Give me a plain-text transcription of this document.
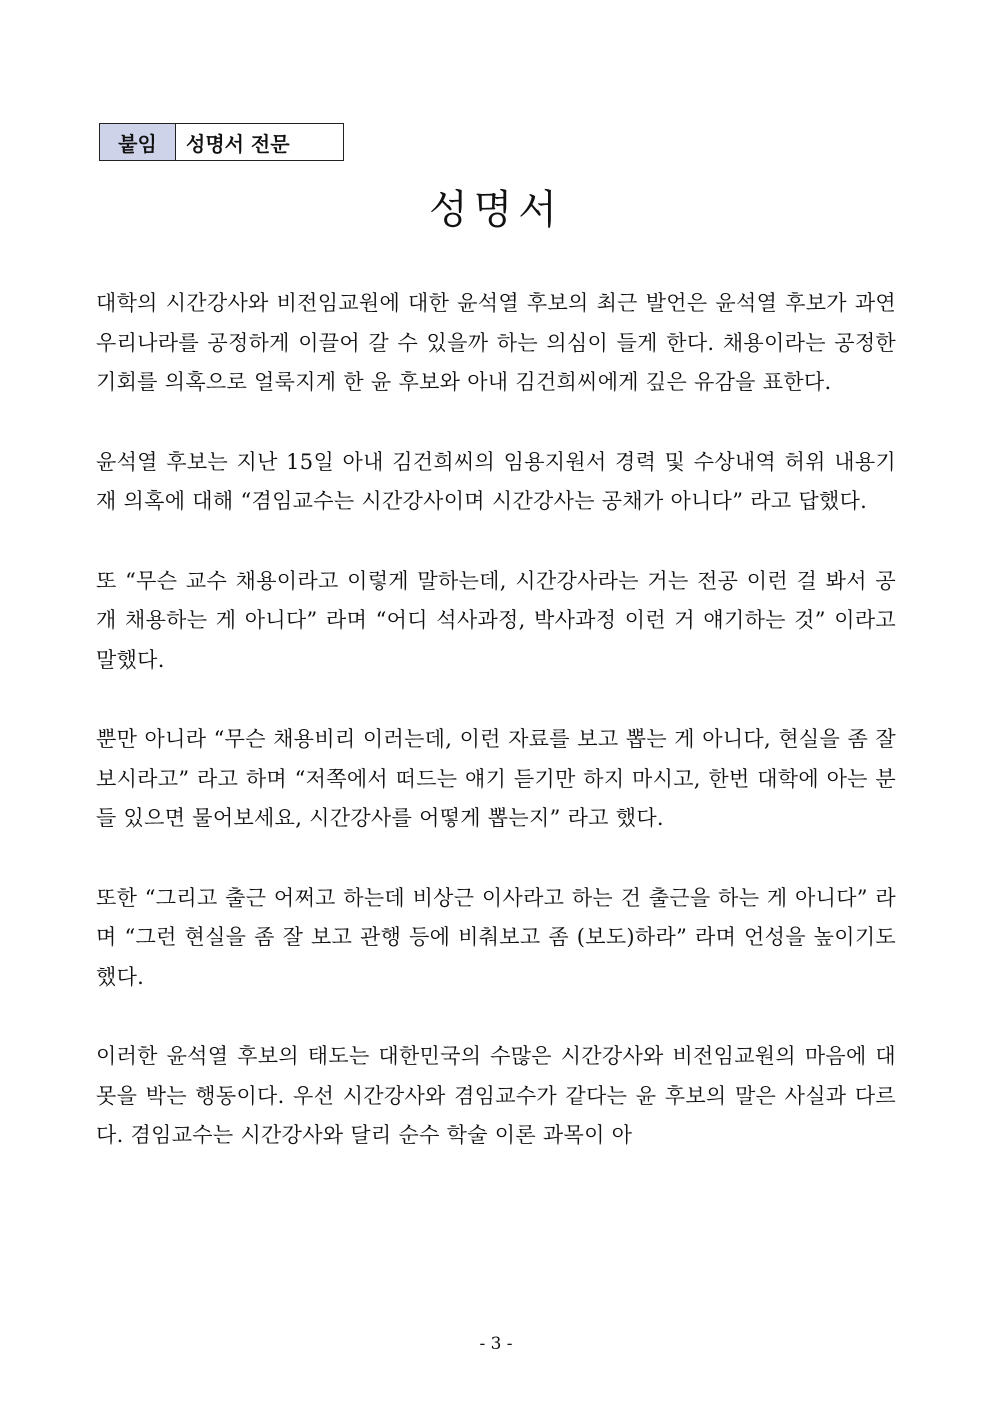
붙임	성명서 전문
성명서

대학의 시간강사와 비전임교원에 대한 윤석열 후보의 최근 발언은 윤석열 후보가 과연 우리나라를 공정하게 이끌어 갈 수 있을까 하는 의심이 들게 한다. 채용이라는 공정한 기회를 의혹으로 얼룩지게 한 윤 후보와 아내 김건희씨에게 깊은 유감을 표한다.

윤석열 후보는 지난 15일 아내 김건희씨의 임용지원서 경력 및 수상내역 허위 내용기재 의혹에 대해 “겸임교수는 시간강사이며 시간강사는 공채가 아니다” 라고 답했다.

또 “무슨 교수 채용이라고 이렇게 말하는데, 시간강사라는 거는 전공 이런 걸 봐서 공개 채용하는 게 아니다” 라며 “어디 석사과정, 박사과정 이런 거 얘기하는 것” 이라고 말했다.

뿐만 아니라 “무슨 채용비리 이러는데, 이런 자료를 보고 뽑는 게 아니다, 현실을 좀 잘 보시라고” 라고 하며 “저쪽에서 떠드는 얘기 듣기만 하지 마시고, 한번 대학에 아는 분들 있으면 물어보세요, 시간강사를 어떻게 뽑는지” 라고 했다.

또한 “그리고 출근 어쩌고 하는데 비상근 이사라고 하는 건 출근을 하는 게 아니다” 라며 “그런 현실을 좀 잘 보고 관행 등에 비춰보고 좀 (보도)하라” 라며 언성을 높이기도 했다.

이러한 윤석열 후보의 태도는 대한민국의 수많은 시간강사와 비전임교원의 마음에 대못을 박는 행동이다. 우선 시간강사와 겸임교수가 같다는 윤 후보의 말은 사실과 다르다. 겸임교수는 시간강사와 달리 순수 학술 이론 과목이 아

- 3 -
